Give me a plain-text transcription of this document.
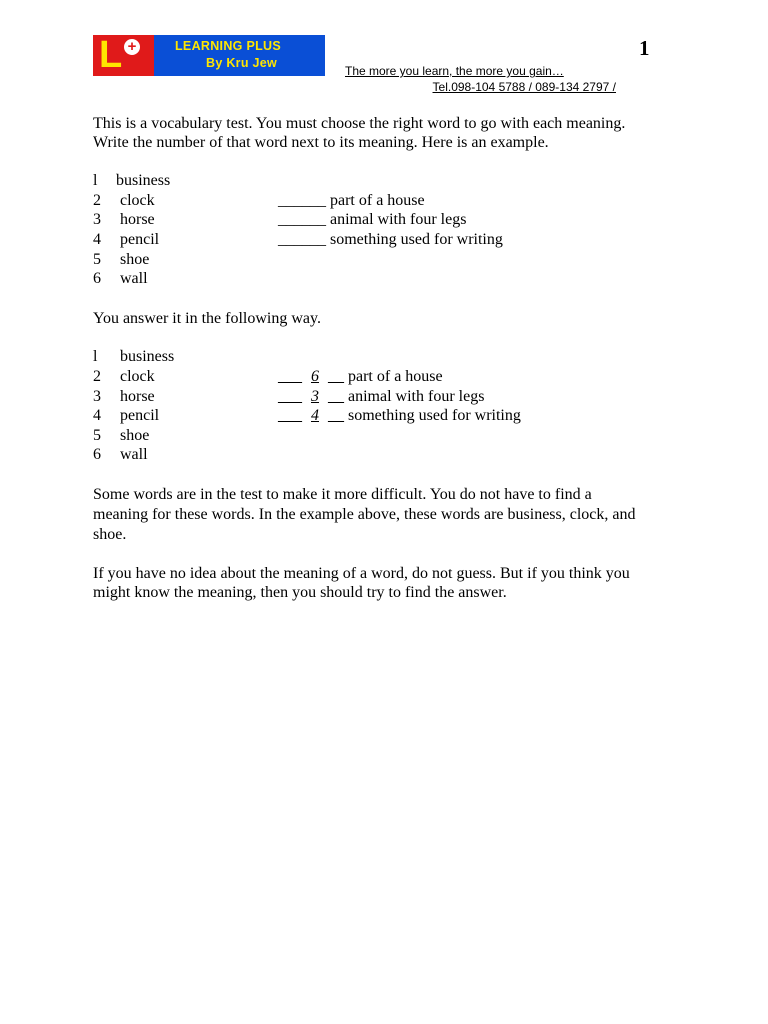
L +	LEARNING PLUS
By Kru Jew
The more you learn, the more you gain…
Tel.098-104 5788 / 089-134 2797 /
1
This is a vocabulary test. You must choose the right word to go with each meaning.
Write the number of that word next to its meaning. Here is an example.
l business
2 clock
3 horse
4 pencil
5 shoe
6 wall
______ part of a house
______ animal with four legs
______ something used for writing
You answer it in the following way.
l business
2 clock
3 horse
4 pencil
5 shoe
6 wall
___ 6 __ part of a house
___ 3 __ animal with four legs
___ 4 __ something used for writing
Some words are in the test to make it more difficult. You do not have to find a
meaning for these words. In the example above, these words are business, clock, and
shoe.
If you have no idea about the meaning of a word, do not guess. But if you think you
might know the meaning, then you should try to find the answer.
